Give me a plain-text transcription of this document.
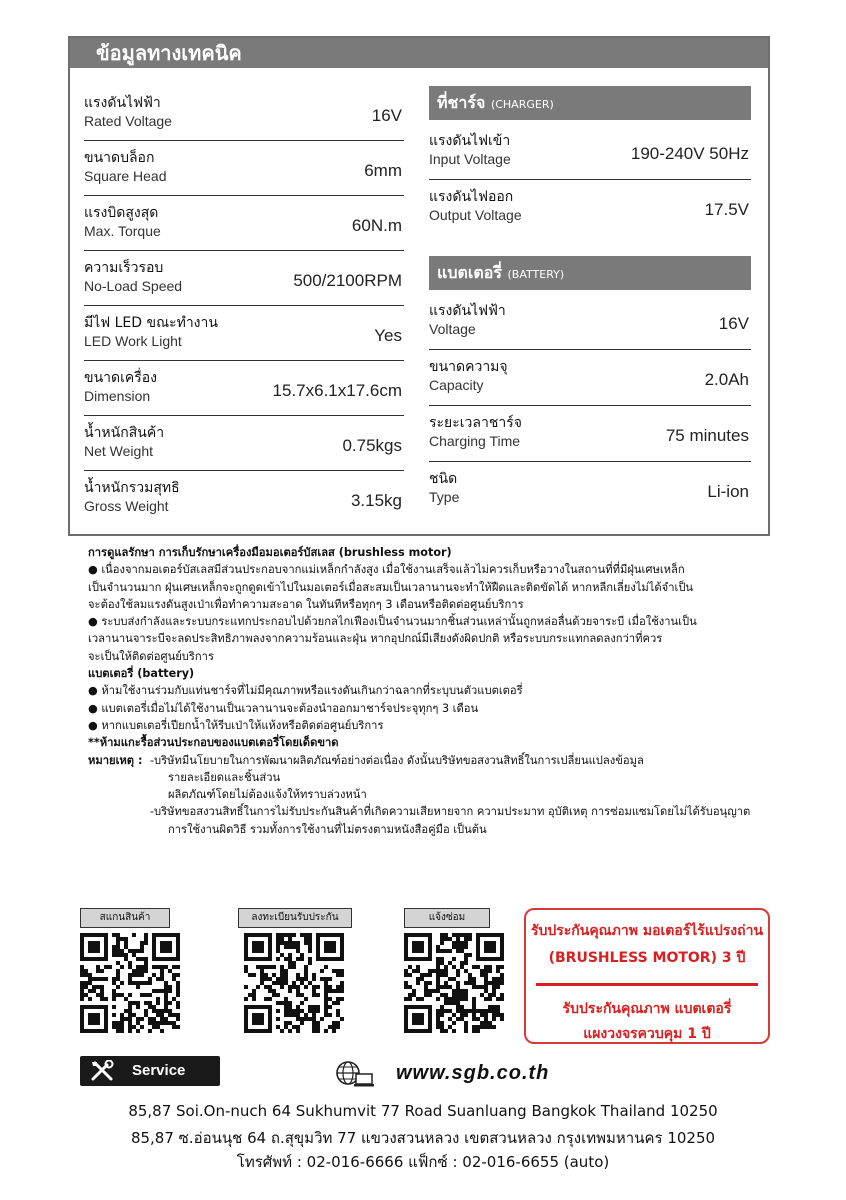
ข้อมูลทางเทคนิค
แรงดันไฟฟ้า
Rated Voltage	16V
ขนาดบล็อก
Square Head	6mm
แรงบิดสูงสุด
Max. Torque	60N.m
ความเร็วรอบ
No-Load Speed	500/2100RPM
มีไฟ LED ขณะทำงาน
LED Work Light	Yes
ขนาดเครื่อง
Dimension	15.7x6.1x17.6cm
น้ำหนักสินค้า
Net Weight	0.75kgs
น้ำหนักรวมสุทธิ
Gross Weight	3.15kg
ที่ชาร์จ (CHARGER)
แรงดันไฟเข้า
Input Voltage	190-240V 50Hz
แรงดันไฟออก
Output Voltage	17.5V
แบตเตอรี่ (BATTERY)
แรงดันไฟฟ้า
Voltage	16V
ขนาดความจุ
Capacity	2.0Ah
ระยะเวลาชาร์จ
Charging Time	75 minutes
ชนิด
Type	Li-ion

การดูแลรักษา การเก็บรักษาเครื่องมือมอเตอร์บัสเลส (brushless motor)

● เนื่องจากมอเตอร์บัสเลสมีส่วนประกอบจากแม่เหล็กกำลังสูง เมื่อใช้งานเสร็จแล้วไม่ควรเก็บหรือวางในสถานที่ที่มีฝุ่นเศษเหล็ก

เป็นจำนวนมาก ฝุ่นเศษเหล็กจะถูกดูดเข้าไปในมอเตอร์เมื่อสะสมเป็นเวลานานจะทำให้ฝืดและติดขัดได้ หากหลีกเลี่ยงไม่ได้จำเป็น

จะต้องใช้ลมแรงดันสูงเป่าเพื่อทำความสะอาด ในทันทีหรือทุกๆ 3 เดือนหรือติดต่อศูนย์บริการ

● ระบบส่งกำลังและระบบกระแทกประกอบไปด้วยกลไกเฟืองเป็นจำนวนมากชิ้นส่วนเหล่านั้นถูกหล่อลื่นด้วยจาระบี เมื่อใช้งานเป็น

เวลานานจาระบีจะลดประสิทธิภาพลงจากความร้อนและฝุ่น หากอุปกณ์มีเสียงดังผิดปกติ หรือระบบกระแทกลดลงกว่าที่ควร

จะเป็นให้ติดต่อศูนย์บริการ

แบตเตอรี่ (battery)

● ห้ามใช้งานร่วมกับแท่นชาร์จที่ไม่มีคุณภาพหรือแรงดันเกินกว่าฉลากที่ระบุบนตัวแบตเตอรี่

● แบตเตอรี่เมื่อไม่ได้ใช้งานเป็นเวลานานจะต้องนำออกมาชาร์จประจุทุกๆ 3 เดือน

● หากแบตเตอรี่เปียกน้ำให้รีบเป่าให้แห้งหรือติดต่อศูนย์บริการ

**ห้ามแกะรื้อส่วนประกอบของแบตเตอรี่โดยเด็ดขาด

หมายเหตุ : -บริษัทมีนโยบายในการพัฒนาผลิตภัณฑ์อย่างต่อเนื่อง ดังนั้นบริษัทขอสงวนสิทธิ์ในการเปลี่ยนแปลงข้อมูล

รายละเอียดและชิ้นส่วน

ผลิตภัณฑ์โดยไม่ต้องแจ้งให้ทราบล่วงหน้า

-บริษัทขอสงวนสิทธิ์ในการไม่รับประกันสินค้าที่เกิดความเสียหายจาก ความประมาท อุบัติเหตุ การซ่อมแซมโดยไม่ได้รับอนุญาต

การใช้งานผิดวิธี รวมทั้งการใช้งานที่ไม่ตรงตามหนังสือคู่มือ เป็นต้น

สแกนสินค้า	ลงทะเบียนรับประกัน	แจ้งซ่อม
รับประกันคุณภาพ มอเตอร์ไร้แปรงถ่าน
(BRUSHLESS MOTOR) 3 ปี
รับประกันคุณภาพ แบตเตอรี่
แผงวงจรควบคุม 1 ปี
Service	www.sgb.co.th
85,87 Soi.On-nuch 64 Sukhumvit 77 Road Suanluang Bangkok Thailand 10250
85,87 ซ.อ่อนนุช 64 ถ.สุขุมวิท 77 แขวงสวนหลวง เขตสวนหลวง กรุงเทพมหานคร 10250
โทรศัพท์ : 02-016-6666 แฟ็กซ์ : 02-016-6655 (auto)
